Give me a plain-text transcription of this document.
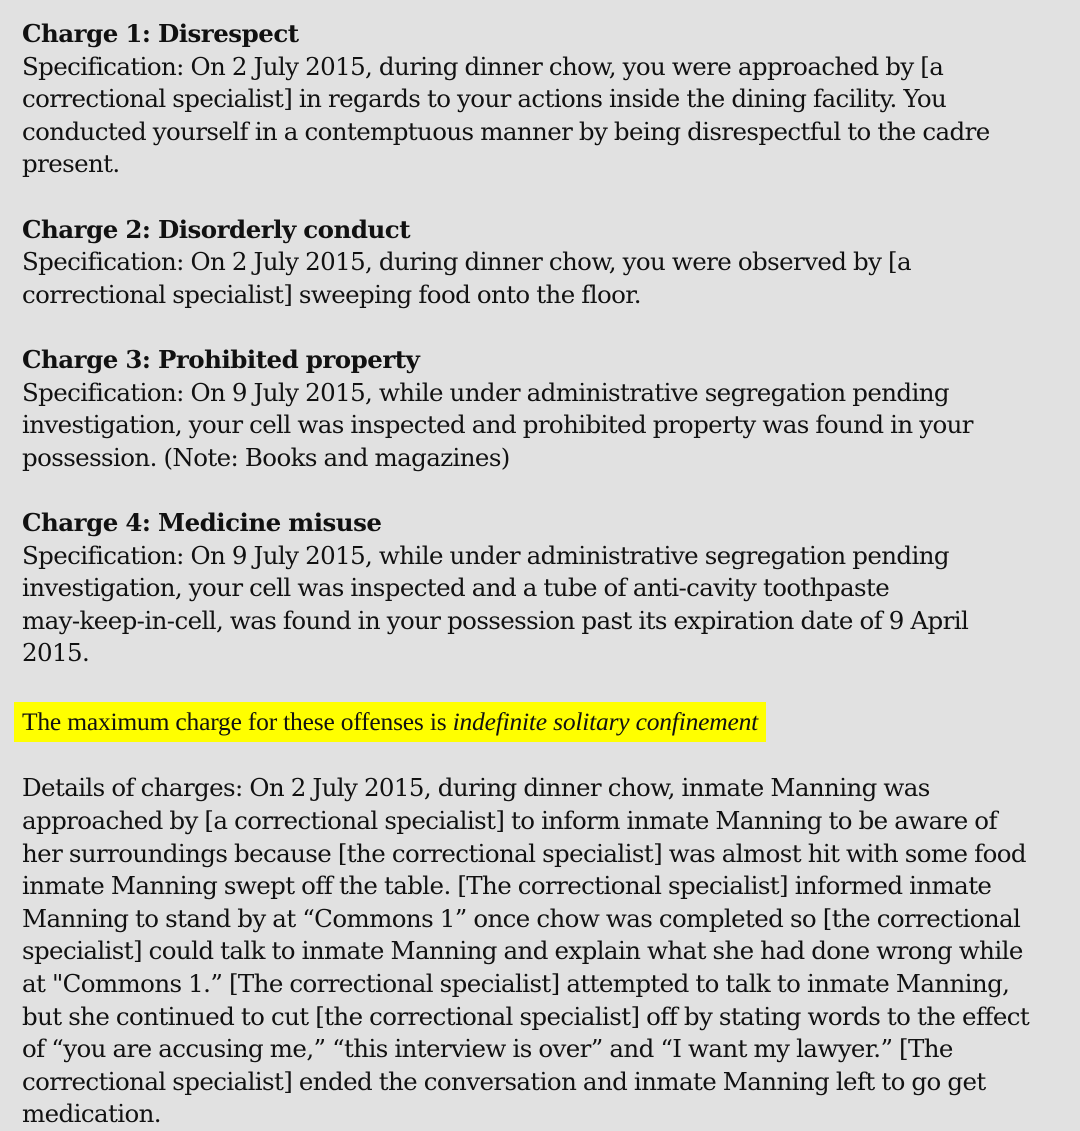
Charge 1: Disrespect
Specification: On 2 July 2015, during dinner chow, you were approached by [a
correctional specialist] in regards to your actions inside the dining facility. You
conducted yourself in a contemptuous manner by being disrespectful to the cadre
present.
Charge 2: Disorderly conduct
Specification: On 2 July 2015, during dinner chow, you were observed by [a
correctional specialist] sweeping food onto the floor.
Charge 3: Prohibited property
Specification: On 9 July 2015, while under administrative segregation pending
investigation, your cell was inspected and prohibited property was found in your
possession. (Note: Books and magazines)
Charge 4: Medicine misuse
Specification: On 9 July 2015, while under administrative segregation pending
investigation, your cell was inspected and a tube of anti-cavity toothpaste
may-keep-in-cell, was found in your possession past its expiration date of 9 April
2015.
The maximum charge for these offenses is indefinite solitary confinement
Details of charges: On 2 July 2015, during dinner chow, inmate Manning was
approached by [a correctional specialist] to inform inmate Manning to be aware of
her surroundings because [the correctional specialist] was almost hit with some food
inmate Manning swept off the table. [The correctional specialist] informed inmate
Manning to stand by at “Commons 1” once chow was completed so [the correctional
specialist] could talk to inmate Manning and explain what she had done wrong while
at "Commons 1.” [The correctional specialist] attempted to talk to inmate Manning,
but she continued to cut [the correctional specialist] off by stating words to the effect
of “you are accusing me,” “this interview is over” and “I want my lawyer.” [The
correctional specialist] ended the conversation and inmate Manning left to go get
medication.
